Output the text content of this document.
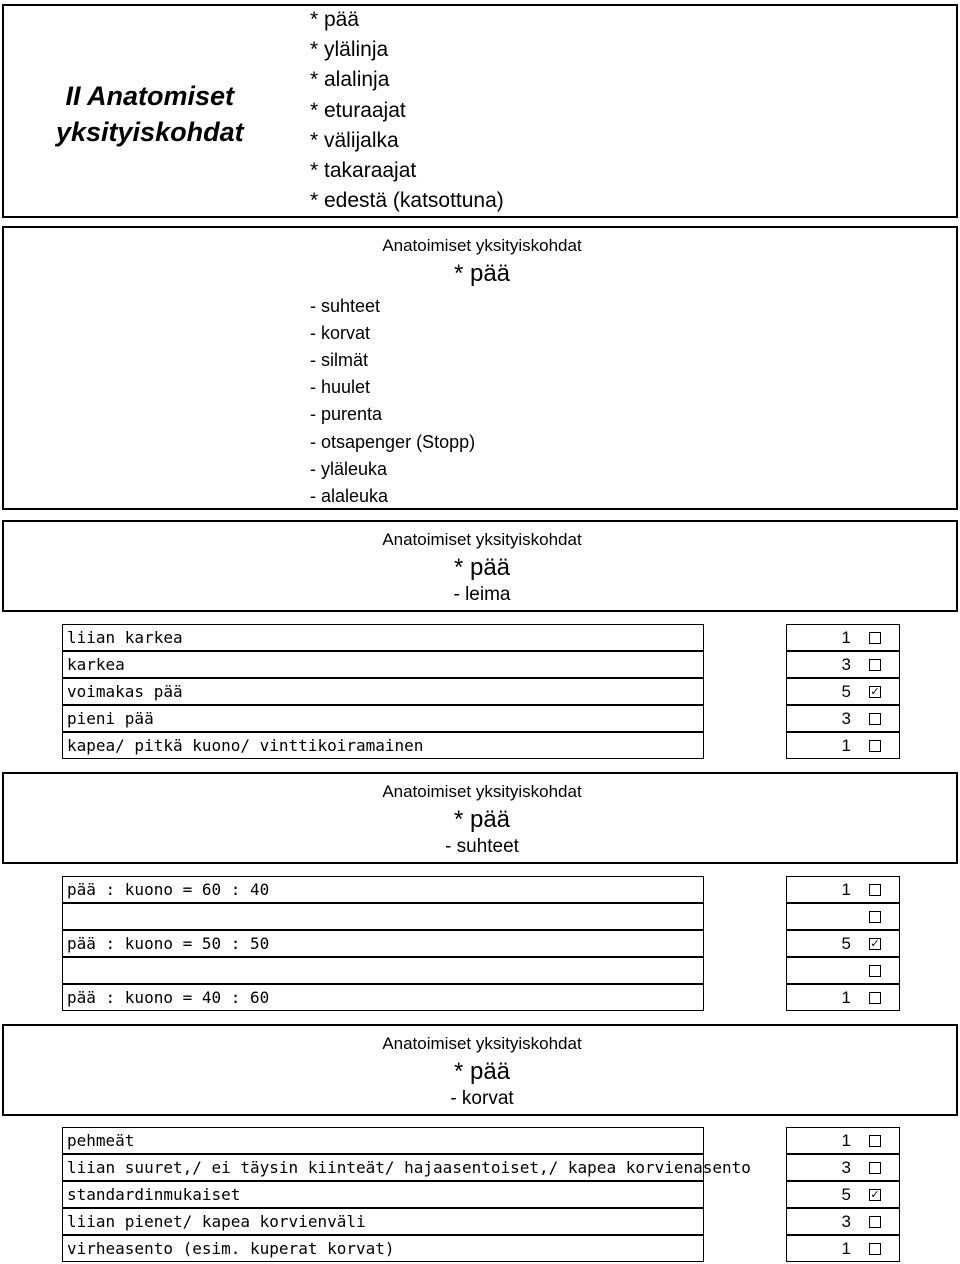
II Anatomiset
yksityiskohdat
* pää
* ylälinja
* alalinja
* eturaajat
* välijalka
* takaraajat
* edestä (katsottuna)
Anatoimiset yksityiskohdat
* pää
- suhteet
- korvat
- silmät
- huulet
- purenta
- otsapenger (Stopp)
- yläleuka
- alaleuka
Anatoimiset yksityiskohdat
* pää
- leima
liian karkea	1
karkea	3
voimakas pää	5 ✓
pieni pää	3
kapea/ pitkä kuono/ vinttikoiramainen	1
Anatoimiset yksityiskohdat
* pää
- suhteet
pää : kuono = 60 : 40	1
pää : kuono = 50 : 50	5 ✓
pää : kuono = 40 : 60	1
Anatoimiset yksityiskohdat
* pää
- korvat
pehmeät	1
liian suuret,/ ei täysin kiinteät/ hajaasentoiset,/ kapea korvienasento	3
standardinmukaiset	5 ✓
liian pienet/ kapea korvienväli	3
virheasento (esim. kuperat korvat)	1
